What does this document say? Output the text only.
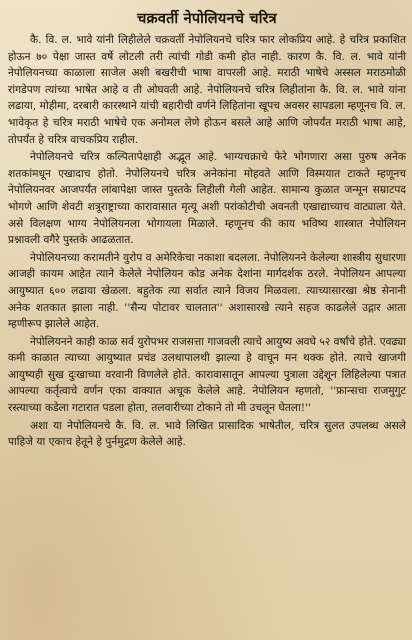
चक्रवर्ती नेपोलियनचे चरित्र

कै. वि. ल. भावे यांनी लिहीलेले चक्रवर्ती नेपोलियनचे चरित्र फार लोकप्रिय आहे. हे चरित्र प्रकाशित होऊन ७० पेक्षा जास्त वर्षे लोटली तरी त्यांची गोडी कमी होत नाही. कारण कै. वि. ल. भावे यांनी नेपोलियनच्या काळाला साजेल अशी बखरीची भाषा वापरली आहे. मराठी भाषेचे अस्सल मराठमोळी रांगडेपण त्यांच्या भाषेत आहे व ती ओघवती आहे. नेपोलियनचे चरित्र लिहीतांना कै. वि. ल. भावे यांना लढाया, मोहीमा, दरबारी कारस्थाने यांची बहारीची वर्णने लिहितांना खूपच अवसर सापडला म्हणूनच वि. ल. भावेकृत हे चरित्र मराठी भाषेचे एक अनोमल लेणे होऊन बसले आहे आणि जोपर्यंत मराठी भाषा आहे, तोपर्यंत हे चरित्र वाचकप्रिय राहील.

नेपोलियनचे चरित्र कल्पितापेक्षाही अद्भूत आहे. भाग्यचक्राचे फेरे भोगणारा असा पुरुष अनेक शतकांमधून एखादाच होतो. नेपोलियनचे चरित्र अनेकांना मोहवते आणि विस्मयात टाकते म्हणूनच नेपोलियनवर आजपर्यंत लांबापेक्षा जास्त पुस्तके लिहीली गेली आहेत. सामान्य कुळात जन्मून सम्राटपद भोगणे आणि शेवटी शत्रूराष्ट्राच्या कारावासात मृत्यू अशी परांकोटीची अवनती एखाद्याच्याच वाट्याला येते. असे विलक्षण भाग्य नेपोलियनला भोगायला मिळाले. म्हणूनच की काय भविष्य शास्त्रात नेपोलियन प्रश्नावली वगैरे पुस्तके आढळतात.

नेपोलियनच्या करामतीने युरोप व अमेरिकेचा नकाशा बदलला. नेपोलियनने केलेल्या शास्त्रीय सुधारणा आजही कायम आहेत त्याने केलेले नेपोलियन कोड अनेक देशांना मार्गदर्शक ठरले. नेपोलियन आपल्या आयुष्यात ६०० लढाया खेळला. बहुतेक त्या सर्वात त्याने विजय मिळवला. त्याच्यासारखा श्रेष्ठ सेनानी अनेक शतकात झाला नाही. ''सैन्य पोटावर चालतात'' अशासारखे त्याने सहज काढलेले उद्गार आता म्हणीरूप झालेले आहेत.

नेपोलियनने काही काळ सर्व युरोपभर राजसत्ता गाजवली त्याचे आयुष्य अवघे ५२ वर्षांचे होते. एवढ्या कमी काळात त्याच्या आयुष्यात प्रचंड उलथापालथी झाल्या हे वाचून मन थक्क होते. त्याचे खाजगी आयुष्यही सुख दुःखाच्या वरवानी विणलेले होते. कारावासातून आपल्या पुत्राला उद्देशून लिहिलेल्या पत्रात आपल्या कर्तृत्वाचे वर्णन एका वाक्यात अचूक केलेले आहे. नेपोलियन म्हणतो, ''फ्रान्सचा राजमुगुट रस्त्याच्या कडेला गटारात पडला होता, तलवारीच्या टोकाने तो मी उचलून घेतला!''

अशा या नेपोलियनचे कै. वि. ल. भावे लिखित प्रासादिक भाषेतील, चरित्र सुलत उपलब्ध असले पाहिजे या एकाच हेतूने हे पुर्नमुद्रण केलेले आहे.
